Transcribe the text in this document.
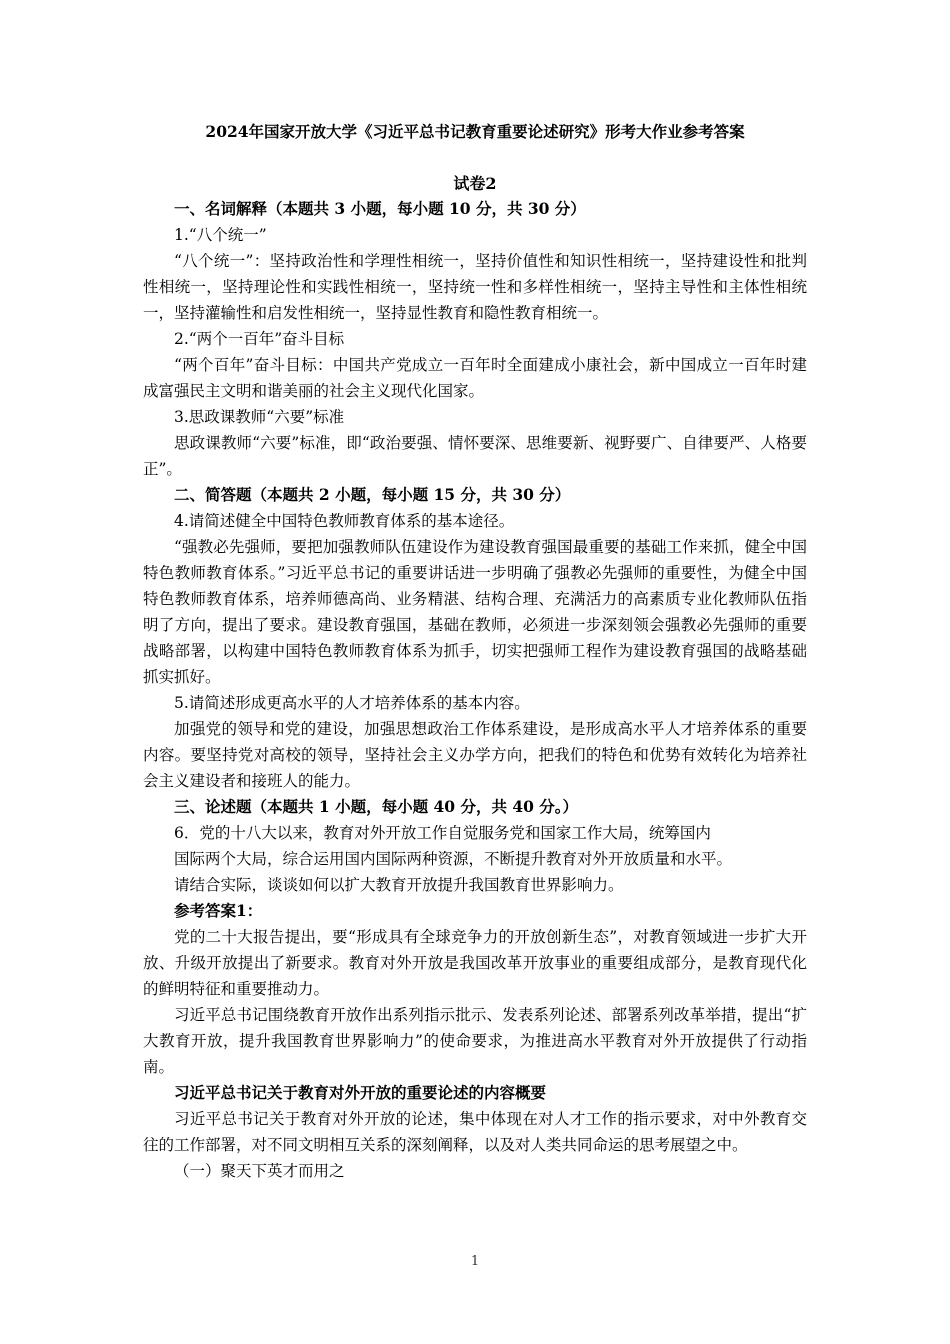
2024年国家开放大学《习近平总书记教育重要论述研究》形考大作业参考答案
试卷2

一、名词解释（本题共 3 小题，每小题 10 分，共 30 分）

1.“八个统一”

“八个统一”：坚持政治性和学理性相统一，坚持价值性和知识性相统一，坚持建设性和批判性相统一，坚持理论性和实践性相统一，坚持统一性和多样性相统一，坚持主导性和主体性相统一，坚持灌输性和启发性相统一，坚持显性教育和隐性教育相统一。

2.“两个一百年”奋斗目标

“两个百年”奋斗目标：中国共产党成立一百年时全面建成小康社会，新中国成立一百年时建成富强民主文明和谐美丽的社会主义现代化国家。

3.思政课教师“六要”标准

思政课教师“六要”标准，即“政治要强、情怀要深、思维要新、视野要广、自律要严、人格要正”。

二、简答题（本题共 2 小题，每小题 15 分，共 30 分）

4.请简述健全中国特色教师教育体系的基本途径。

“强教必先强师，要把加强教师队伍建设作为建设教育强国最重要的基础工作来抓，健全中国特色教师教育体系。”习近平总书记的重要讲话进一步明确了强教必先强师的重要性，为健全中国特色教师教育体系，培养师德高尚、业务精湛、结构合理、充满活力的高素质专业化教师队伍指明了方向，提出了要求。建设教育强国，基础在教师，必须进一步深刻领会强教必先强师的重要战略部署，以构建中国特色教师教育体系为抓手，切实把强师工程作为建设教育强国的战略基础抓实抓好。

5.请简述形成更高水平的人才培养体系的基本内容。

加强党的领导和党的建设，加强思想政治工作体系建设，是形成高水平人才培养体系的重要内容。要坚持党对高校的领导，坚持社会主义办学方向，把我们的特色和优势有效转化为培养社会主义建设者和接班人的能力。

三、论述题（本题共 1 小题，每小题 40 分，共 40 分。）

6．党的十八大以来，教育对外开放工作自觉服务党和国家工作大局，统筹国内

国际两个大局，综合运用国内国际两种资源，不断提升教育对外开放质量和水平。

请结合实际，谈谈如何以扩大教育开放提升我国教育世界影响力。

参考答案1：

党的二十大报告提出，要“形成具有全球竞争力的开放创新生态”，对教育领域进一步扩大开放、升级开放提出了新要求。教育对外开放是我国改革开放事业的重要组成部分，是教育现代化的鲜明特征和重要推动力。

习近平总书记围绕教育开放作出系列指示批示、发表系列论述、部署系列改革举措，提出“扩大教育开放，提升我国教育世界影响力”的使命要求，为推进高水平教育对外开放提供了行动指南。

习近平总书记关于教育对外开放的重要论述的内容概要

习近平总书记关于教育对外开放的论述，集中体现在对人才工作的指示要求，对中外教育交往的工作部署，对不同文明相互关系的深刻阐释，以及对人类共同命运的思考展望之中。

（一）聚天下英才而用之

1
